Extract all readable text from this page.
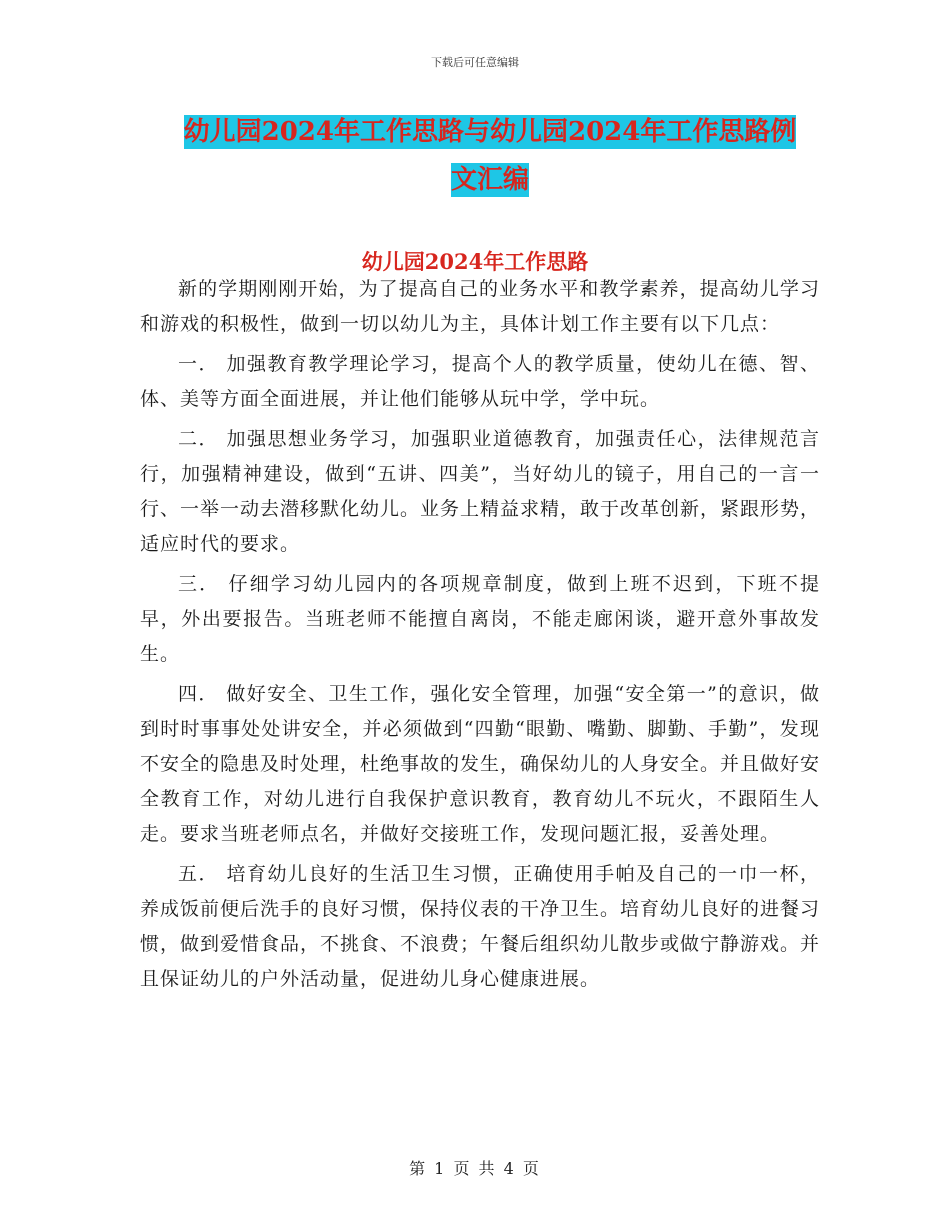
下载后可任意编辑
幼儿园2024年工作思路与幼儿园2024年工作思路例
文汇编
幼儿园2024年工作思路

新的学期刚刚开始，为了提高自己的业务水平和教学素养，提高幼儿学习和游戏的积极性，做到一切以幼儿为主，具体计划工作主要有以下几点：

一． 加强教育教学理论学习，提高个人的教学质量，使幼儿在德、智、体、美等方面全面进展，并让他们能够从玩中学，学中玩。

二． 加强思想业务学习，加强职业道德教育，加强责任心，法律规范言行，加强精神建设，做到“五讲、四美”，当好幼儿的镜子，用自己的一言一行、一举一动去潜移默化幼儿。业务上精益求精，敢于改革创新，紧跟形势，适应时代的要求。

三． 仔细学习幼儿园内的各项规章制度，做到上班不迟到，下班不提早，外出要报告。当班老师不能擅自离岗，不能走廊闲谈，避开意外事故发生。

四． 做好安全、卫生工作，强化安全管理，加强“安全第一”的意识，做到时时事事处处讲安全，并必须做到“四勤“眼勤、嘴勤、脚勤、手勤”，发现不安全的隐患及时处理，杜绝事故的发生，确保幼儿的人身安全。并且做好安全教育工作，对幼儿进行自我保护意识教育，教育幼儿不玩火，不跟陌生人走。要求当班老师点名，并做好交接班工作，发现问题汇报，妥善处理。

五． 培育幼儿良好的生活卫生习惯，正确使用手帕及自己的一巾一杯，养成饭前便后洗手的良好习惯，保持仪表的干净卫生。培育幼儿良好的进餐习惯，做到爱惜食品，不挑食、不浪费；午餐后组织幼儿散步或做宁静游戏。并且保证幼儿的户外活动量，促进幼儿身心健康进展。

第 1 页 共 4 页
